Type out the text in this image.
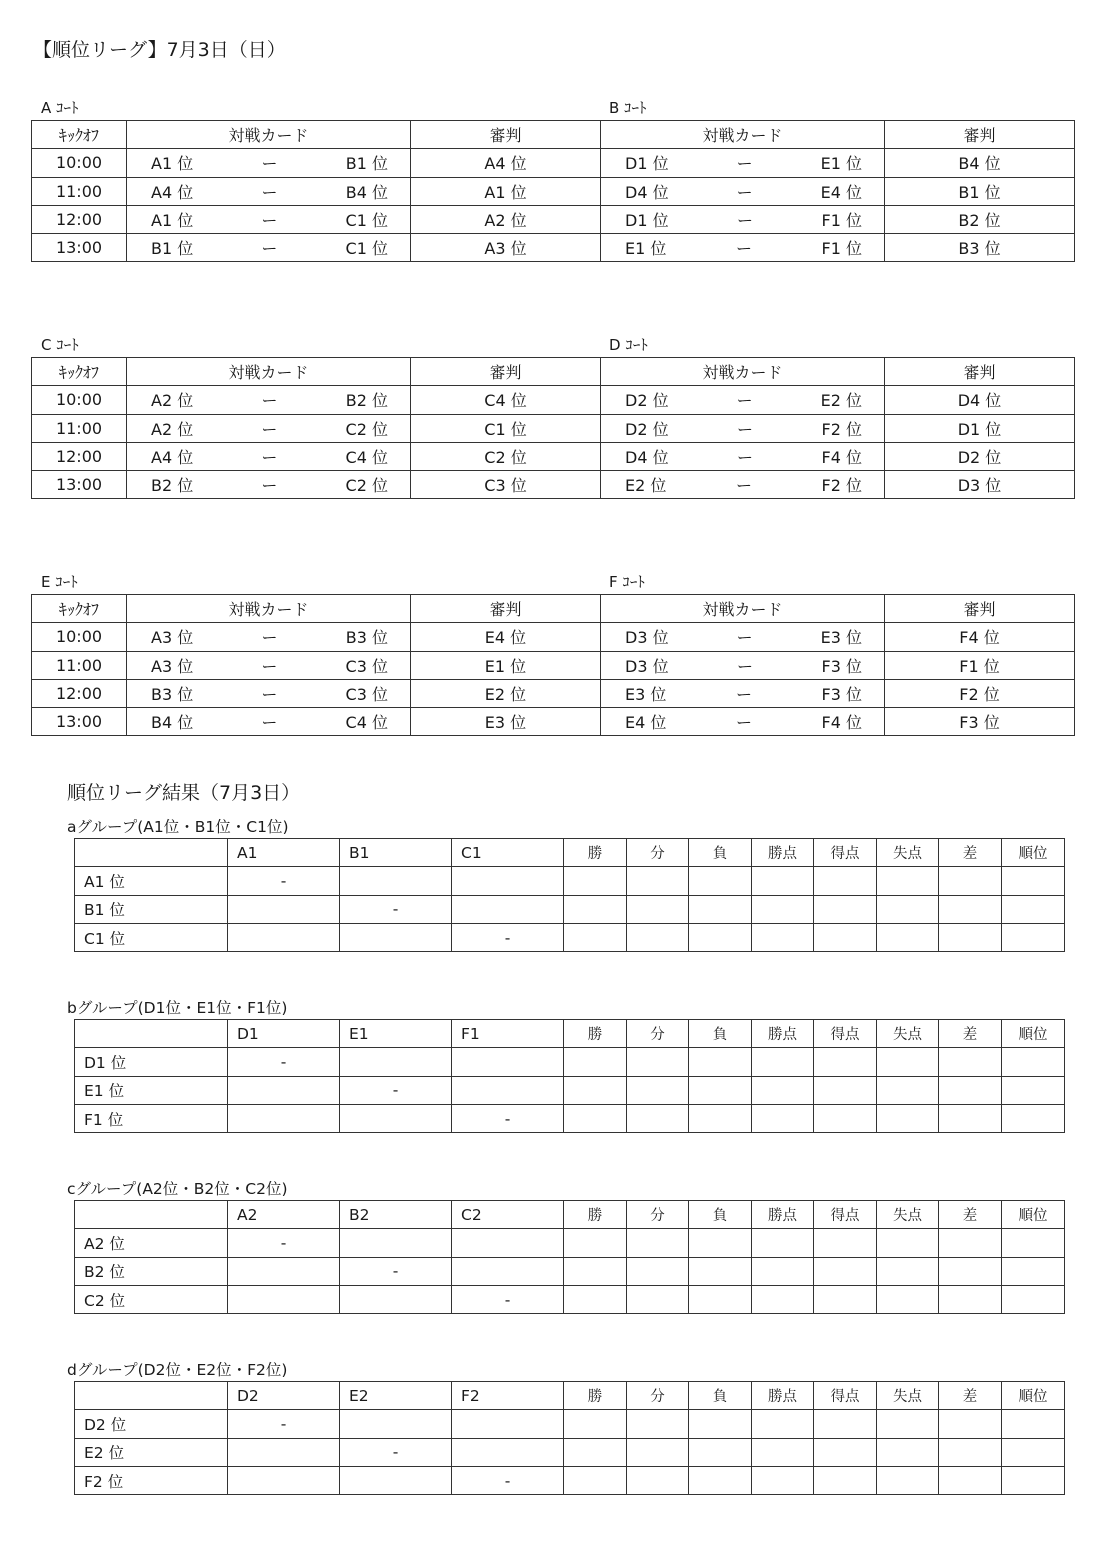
【順位リーグ】7月3日（日）
A ｺｰﾄ	B ｺｰﾄ
ｷｯｸｵﾌ	対戦カード	審判	対戦カード	審判
10:00	A1 位 ー B1 位	A4 位	D1 位 ー E1 位	B4 位
11:00	A4 位 ー B4 位	A1 位	D4 位 ー E4 位	B1 位
12:00	A1 位 ー C1 位	A2 位	D1 位 ー F1 位	B2 位
13:00	B1 位 ー C1 位	A3 位	E1 位 ー F1 位	B3 位
C ｺｰﾄ	D ｺｰﾄ
ｷｯｸｵﾌ	対戦カード	審判	対戦カード	審判
10:00	A2 位 ー B2 位	C4 位	D2 位 ー E2 位	D4 位
11:00	A2 位 ー C2 位	C1 位	D2 位 ー F2 位	D1 位
12:00	A4 位 ー C4 位	C2 位	D4 位 ー F4 位	D2 位
13:00	B2 位 ー C2 位	C3 位	E2 位 ー F2 位	D3 位
E ｺｰﾄ	F ｺｰﾄ
ｷｯｸｵﾌ	対戦カード	審判	対戦カード	審判
10:00	A3 位 ー B3 位	E4 位	D3 位 ー E3 位	F4 位
11:00	A3 位 ー C3 位	E1 位	D3 位 ー F3 位	F1 位
12:00	B3 位 ー C3 位	E2 位	E3 位 ー F3 位	F2 位
13:00	B4 位 ー C4 位	E3 位	E4 位 ー F4 位	F3 位
順位リーグ結果（7月3日）
aグループ(A1位・B1位・C1位)
	A1	B1	C1	勝	分	負	勝点	得点	失点	差	順位
A1 位	-										
B1 位		-									
C1 位			-								
bグループ(D1位・E1位・F1位)
	D1	E1	F1	勝	分	負	勝点	得点	失点	差	順位
D1 位	-										
E1 位		-									
F1 位			-								
cグループ(A2位・B2位・C2位)
	A2	B2	C2	勝	分	負	勝点	得点	失点	差	順位
A2 位	-										
B2 位		-									
C2 位			-								
dグループ(D2位・E2位・F2位)
	D2	E2	F2	勝	分	負	勝点	得点	失点	差	順位
D2 位	-										
E2 位		-									
F2 位			-								
